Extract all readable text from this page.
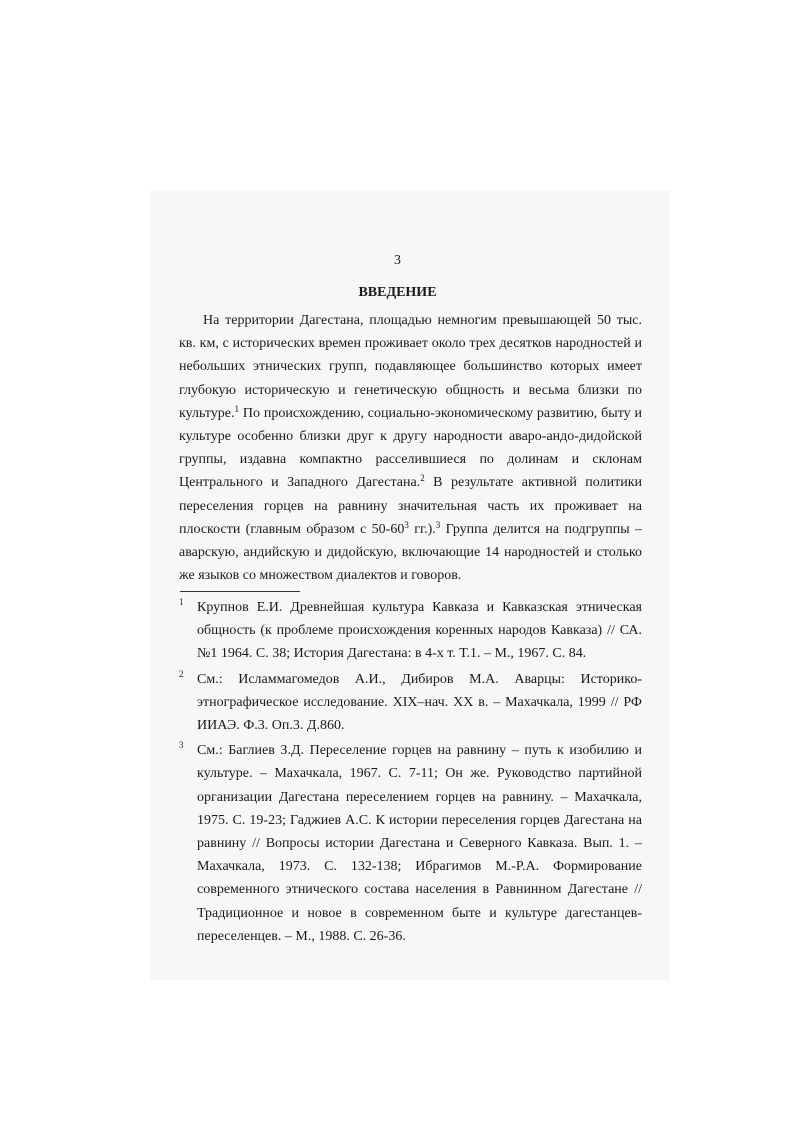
3
ВВЕДЕНИЕ

На территории Дагестана, площадью немногим превышающей 50 тыс. кв. км, с исторических времен проживает около трех десятков народностей и небольших этнических групп, подавляющее большинство которых имеет глубокую историческую и генетическую общность и весьма близки по культуре.$^1$ По происхождению, социально-экономическому развитию, быту и культуре особенно близки друг к другу народности аваро-андо-дидойской группы, издавна компактно расселившиеся по долинам и склонам Центрального и Западного Дагестана.$^2$ В результате активной политики переселения горцев на равнину значительная часть их проживает на плоскости (главным образом с $50-60^3$ гг.).$^3$ Группа делится на подгруппы – аварскую, андийскую и дидойскую, включающие 14 народностей и столько же языков со множеством диалектов и говоров.

1 Крупнов Е.И. Древнейшая культура Кавказа и Кавказская этническая общность (к проблеме происхождения коренных народов Кавказа) // СА. №1 1964. С. 38; История Дагестана: в 4-х т. Т.1. – М., 1967. С. 84.

2 См.: Исламмагомедов А.И., Дибиров М.А. Аварцы: Историко-этнографическое исследование. XIX–нач. XX в. – Махачкала, 1999 // РФ ИИАЭ. Ф.3. Оп.3. Д.860.

3 См.: Баглиев З.Д. Переселение горцев на равнину – путь к изобилию и культуре. – Махачкала, 1967. С. 7-11; Он же. Руководство партийной организации Дагестана переселением горцев на равнину. – Махачкала, 1975. С. 19-23; Гаджиев А.С. К истории переселения горцев Дагестана на равнину // Вопросы истории Дагестана и Северного Кавказа. Вып. 1. –Махачкала, 1973. С. 132-138; Ибрагимов М.-Р.А. Формирование современного этнического состава населения в Равнинном Дагестане // Традиционное и новое в современном быте и культуре дагестанцев-переселенцев. – М., 1988. С. 26-36.
